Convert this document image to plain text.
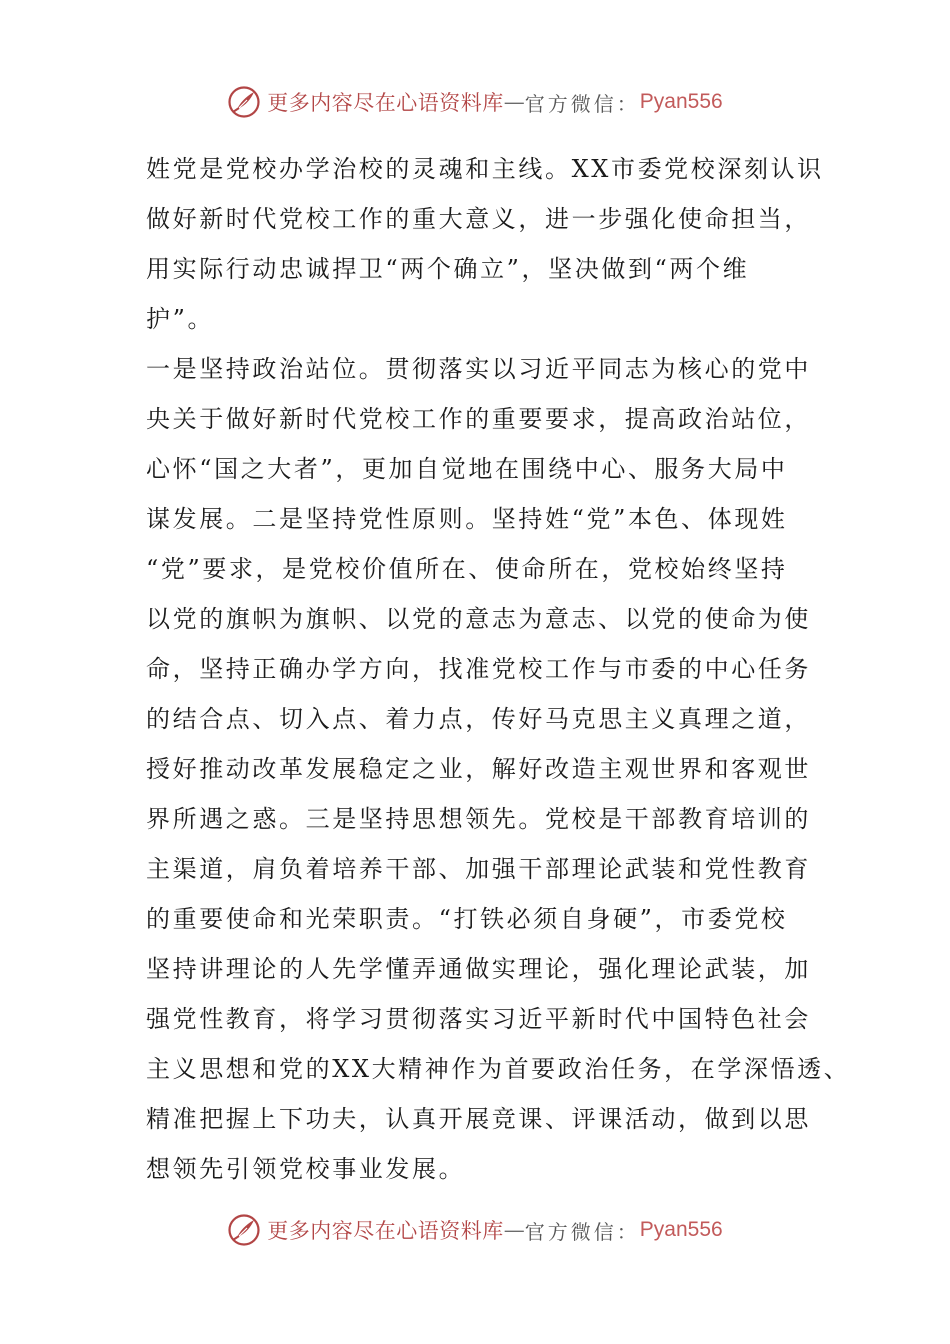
更多内容尽在心语资料库 — 官方微信： Pyan556
姓党是党校办学治校的灵魂和主线。XX市委党校深刻认识
做好新时代党校工作的重大意义，进一步强化使命担当，
用实际行动忠诚捍卫“两个确立”，坚决做到“两个维
护”。
一是坚持政治站位。贯彻落实以习近平同志为核心的党中
央关于做好新时代党校工作的重要要求，提高政治站位，
心怀“国之大者”，更加自觉地在围绕中心、服务大局中
谋发展。二是坚持党性原则。坚持姓“党”本色、体现姓
“党”要求，是党校价值所在、使命所在，党校始终坚持
以党的旗帜为旗帜、以党的意志为意志、以党的使命为使
命，坚持正确办学方向，找准党校工作与市委的中心任务
的结合点、切入点、着力点，传好马克思主义真理之道，
授好推动改革发展稳定之业，解好改造主观世界和客观世
界所遇之惑。三是坚持思想领先。党校是干部教育培训的
主渠道，肩负着培养干部、加强干部理论武装和党性教育
的重要使命和光荣职责。“打铁必须自身硬”，市委党校
坚持讲理论的人先学懂弄通做实理论，强化理论武装，加
强党性教育，将学习贯彻落实习近平新时代中国特色社会
主义思想和党的XX大精神作为首要政治任务，在学深悟透、
精准把握上下功夫，认真开展竞课、评课活动，做到以思
想领先引领党校事业发展。
更多内容尽在心语资料库 — 官方微信： Pyan556
